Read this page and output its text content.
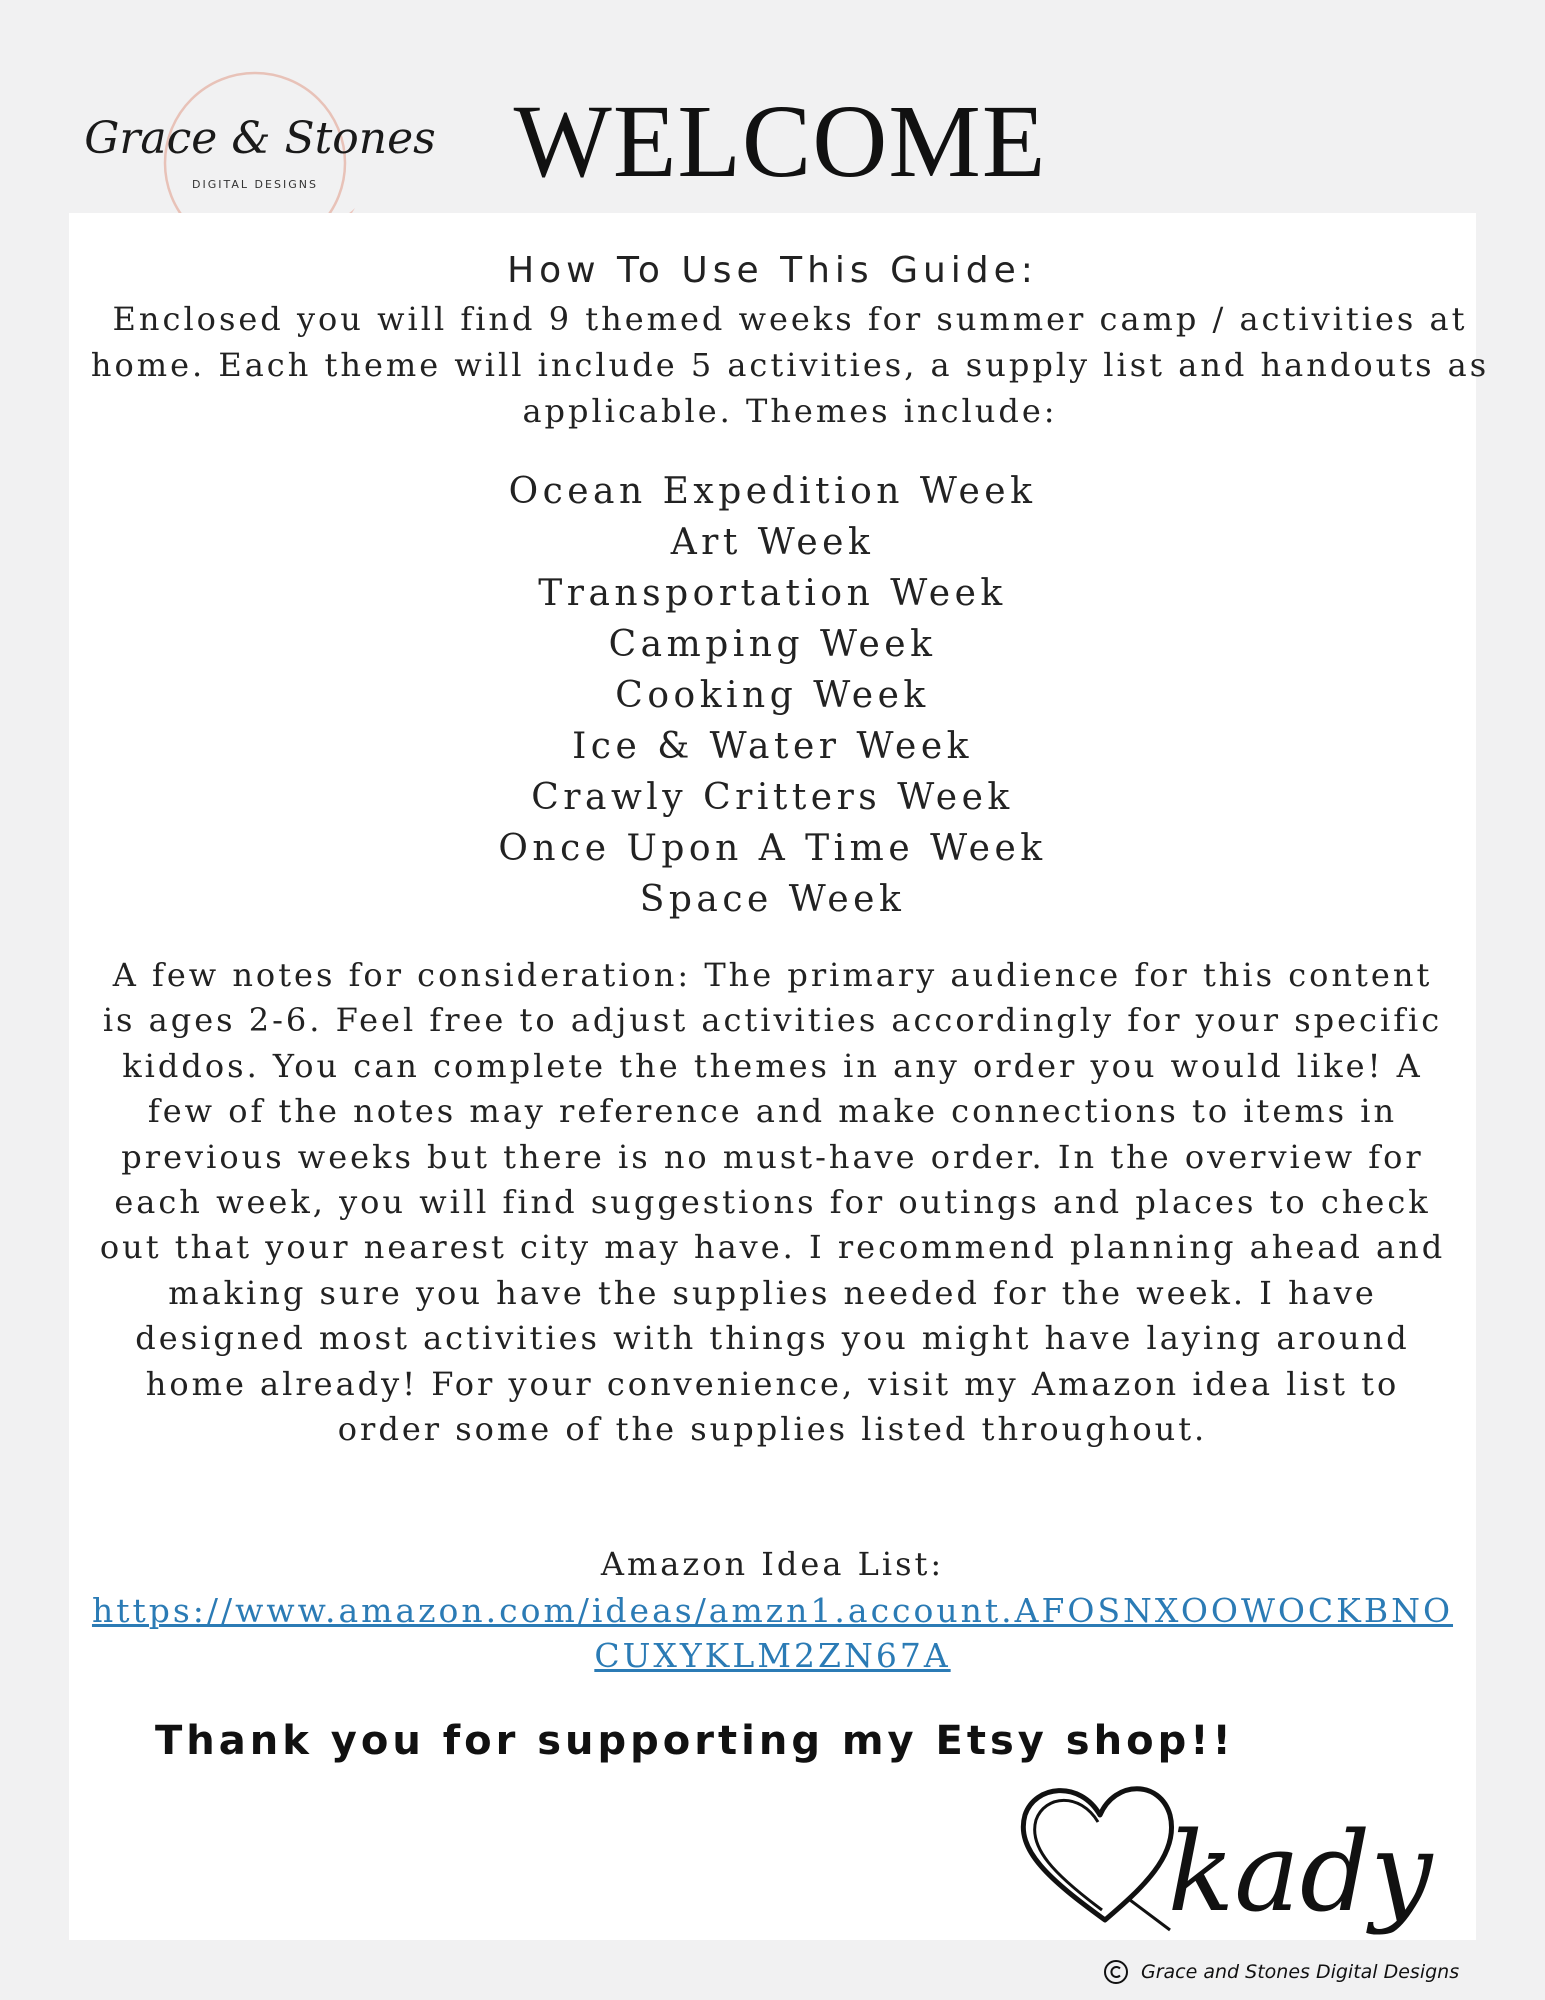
Grace & Stones
DIGITAL DESIGNS	WELCOME
How To Use This Guide:
Enclosed you will find 9 themed weeks for summer camp / activities at home. Each theme will include 5 activities, a supply list and handouts as applicable. Themes include:
Ocean Expedition Week
Art Week
Transportation Week
Camping Week
Cooking Week
Ice & Water Week
Crawly Critters Week
Once Upon A Time Week
Space Week
A few notes for consideration: The primary audience for this content is ages 2-6. Feel free to adjust activities accordingly for your specific kiddos. You can complete the themes in any order you would like! A few of the notes may reference and make connections to items in previous weeks but there is no must-have order. In the overview for each week, you will find suggestions for outings and places to check out that your nearest city may have. I recommend planning ahead and making sure you have the supplies needed for the week. I have designed most activities with things you might have laying around home already! For your convenience, visit my Amazon idea list to order some of the supplies listed throughout.
Amazon Idea List:
https://www.amazon.com/ideas/amzn1.account.AFOSNXOOWOCKBNOCUXYKLM2ZN67A
Thank you for supporting my Etsy shop!!
kady
Grace and Stones Digital Designs
